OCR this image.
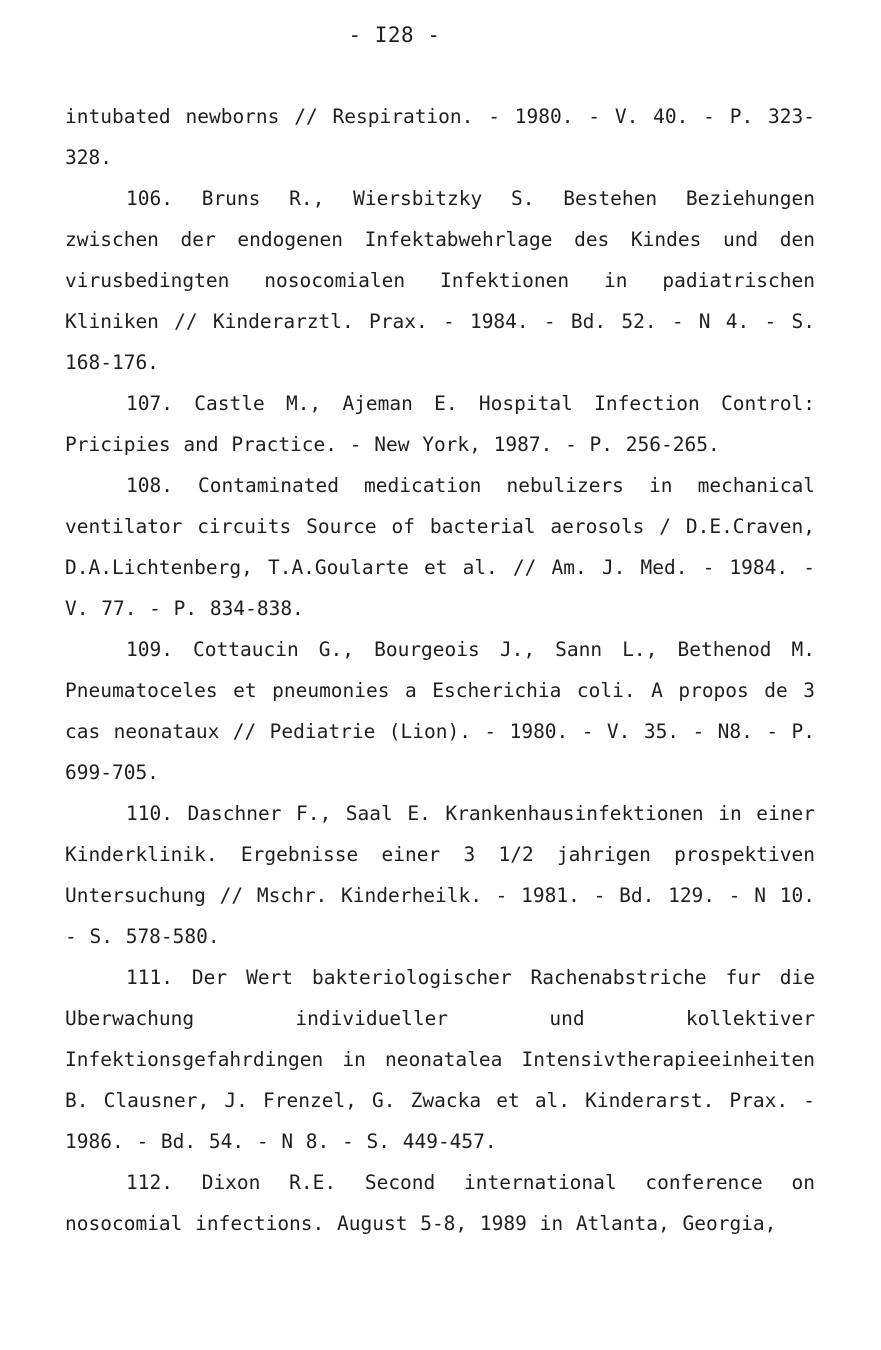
- I28 -

intubated newborns // Respiration. - 1980. - V. 40. - P. 323-328.

106. Bruns R., Wiersbitzky S. Bestehen Beziehungen zwischen der endogenen Infektabwehrlage des Kindes und den virusbedingten nosocomialen Infektionen in padiatrischen Kliniken // Kinderarztl. Prax. - 1984. - Bd. 52. - N 4. - S. 168-176.

107. Castle M., Ajeman E. Hospital Infection Control: Pricipies and Practice. - New York, 1987. - P. 256-265.

108. Contaminated medication nebulizers in mechanical ventilator circuits Source of bacterial aerosols / D.E.Craven, D.A.Lichtenberg, T.A.Goularte et al. // Am. J. Med. - 1984. - V. 77. - P. 834-838.

109. Cottaucin G., Bourgeois J., Sann L., Bethenod M. Pneumatoceles et pneumonies a Escherichia coli. A propos de 3 cas neonataux // Pediatrie (Lion). - 1980. - V. 35. - N8. - P. 699-705.

110. Daschner F., Saal E. Krankenhausinfektionen in einer Kinderklinik. Ergebnisse einer 3 1/2 jahrigen prospektiven Untersuchung // Mschr. Kinderheilk. - 1981. - Bd. 129. - N 10. - S. 578-580.

111. Der Wert bakteriologischer Rachenabstriche fur die Uberwachung individueller und kollektiver Infektionsgefahrdingen in neonatalea Intensivtherapieeinheiten B. Clausner, J. Frenzel, G. Zwacka et al. Kinderarst. Prax. - 1986. - Bd. 54. - N 8. - S. 449-457.

112. Dixon R.E. Second international conference on nosocomial infections. August 5-8, 1989 in Atlanta, Georgia,
